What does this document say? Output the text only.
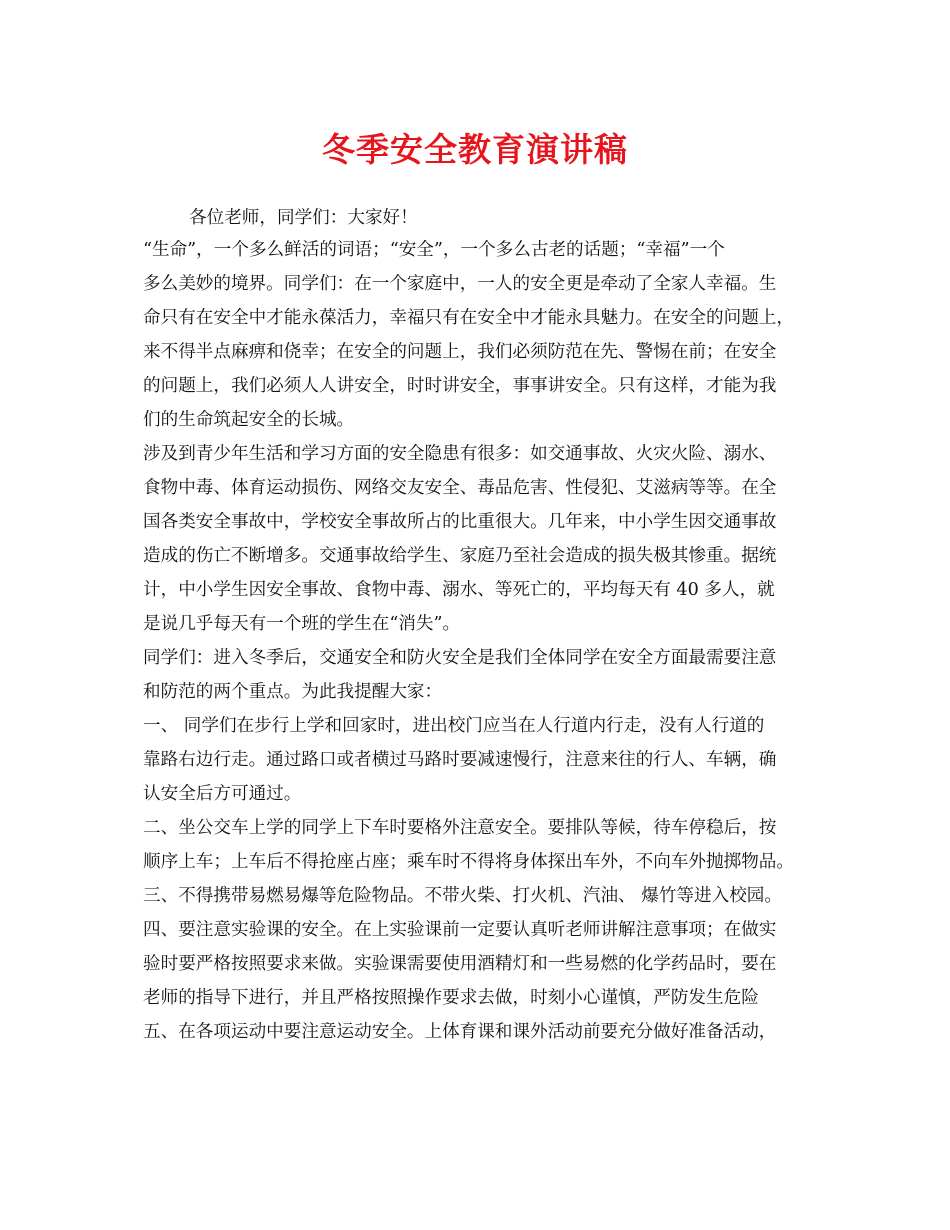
冬季安全教育演讲稿
各位老师，同学们：大家好！
“生命”，一个多么鲜活的词语；“安全”，一个多么古老的话题；“幸福”一个
多么美妙的境界。同学们：在一个家庭中，一人的安全更是牵动了全家人幸福。生
命只有在安全中才能永葆活力，幸福只有在安全中才能永具魅力。在安全的问题上，
来不得半点麻痹和侥幸；在安全的问题上，我们必须防范在先、警惕在前；在安全
的问题上，我们必须人人讲安全，时时讲安全，事事讲安全。只有这样，才能为我
们的生命筑起安全的长城。
涉及到青少年生活和学习方面的安全隐患有很多：如交通事故、火灾火险、溺水、
食物中毒、体育运动损伤、网络交友安全、毒品危害、性侵犯、艾滋病等等。在全
国各类安全事故中，学校安全事故所占的比重很大。几年来，中小学生因交通事故
造成的伤亡不断增多。交通事故给学生、家庭乃至社会造成的损失极其惨重。据统
计，中小学生因安全事故、食物中毒、溺水、等死亡的，平均每天有 40 多人，就
是说几乎每天有一个班的学生在“消失”。
同学们：进入冬季后，交通安全和防火安全是我们全体同学在安全方面最需要注意
和防范的两个重点。为此我提醒大家：
一、 同学们在步行上学和回家时，进出校门应当在人行道内行走，没有人行道的
靠路右边行走。通过路口或者横过马路时要减速慢行，注意来往的行人、车辆，确
认安全后方可通过。
二、坐公交车上学的同学上下车时要格外注意安全。要排队等候，待车停稳后，按
顺序上车；上车后不得抢座占座；乘车时不得将身体探出车外，不向车外抛掷物品。
三、不得携带易燃易爆等危险物品。不带火柴、打火机、汽油、 爆竹等进入校园。
四、要注意实验课的安全。在上实验课前一定要认真听老师讲解注意事项；在做实
验时要严格按照要求来做。实验课需要使用酒精灯和一些易燃的化学药品时，要在
老师的指导下进行，并且严格按照操作要求去做，时刻小心谨慎，严防发生危险
五、在各项运动中要注意运动安全。上体育课和课外活动前要充分做好准备活动，
